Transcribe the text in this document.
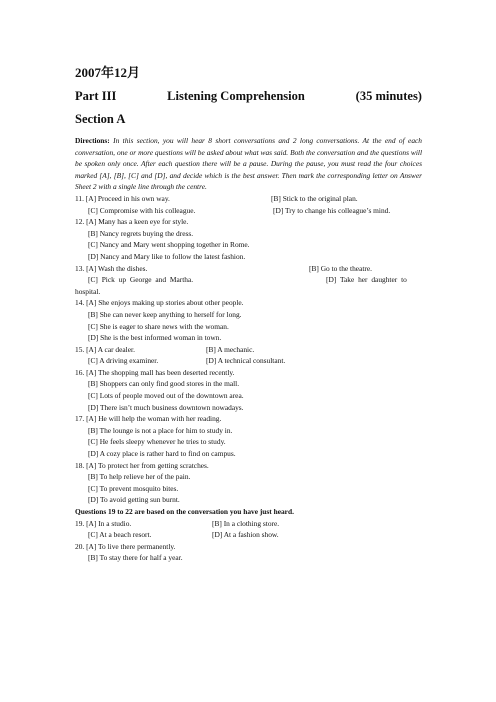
2007年12月
Part III	Listening Comprehension	(35 minutes)
Section A

Directions: In this section, you will hear 8 short conversations and 2 long conversations. At the end of each conversation, one or more questions will be asked about what was said. Both the conversation and the questions will be spoken only once. After each question there will be a pause. During the pause, you must read the four choices marked [A], [B], [C] and [D], and decide which is the best answer. Then mark the corresponding letter on Answer Sheet 2 with a single line through the centre.

11. [A] Proceed in his own way.	[B] Stick to the original plan.
[C] Compromise with his colleague.	[D] Try to change his colleague’s mind.
12. [A] Many has a keen eye for style.
[B] Nancy regrets buying the dress.
[C] Nancy and Mary went shopping together in Rome.
[D] Nancy and Mary like to follow the latest fashion.
13. [A] Wash the dishes.	[B] Go to the theatre.
[C] Pick up George and Martha.	[D] Take her daughter to
hospital.
14. [A] She enjoys making up stories about other people.
[B] She can never keep anything to herself for long.
[C] She is eager to share news with the woman.
[D] She is the best informed woman in town.
15. [A] A car dealer.	[B] A mechanic.
[C] A driving examiner.	[D] A technical consultant.
16. [A] The shopping mall has been deserted recently.
[B] Shoppers can only find good stores in the mall.
[C] Lots of people moved out of the downtown area.
[D] There isn’t much business downtown nowadays.
17. [A] He will help the woman with her reading.
[B] The lounge is not a place for him to study in.
[C] He feels sleepy whenever he tries to study.
[D] A cozy place is rather hard to find on campus.
18. [A] To protect her from getting scratches.
[B] To help relieve her of the pain.
[C] To prevent mosquito bites.
[D] To avoid getting sun burnt.
Questions 19 to 22 are based on the conversation you have just heard.
19. [A] In a studio.	[B] In a clothing store.
[C] At a beach resort.	[D] At a fashion show.
20. [A] To live there permanently.
[B] To stay there for half a year.
